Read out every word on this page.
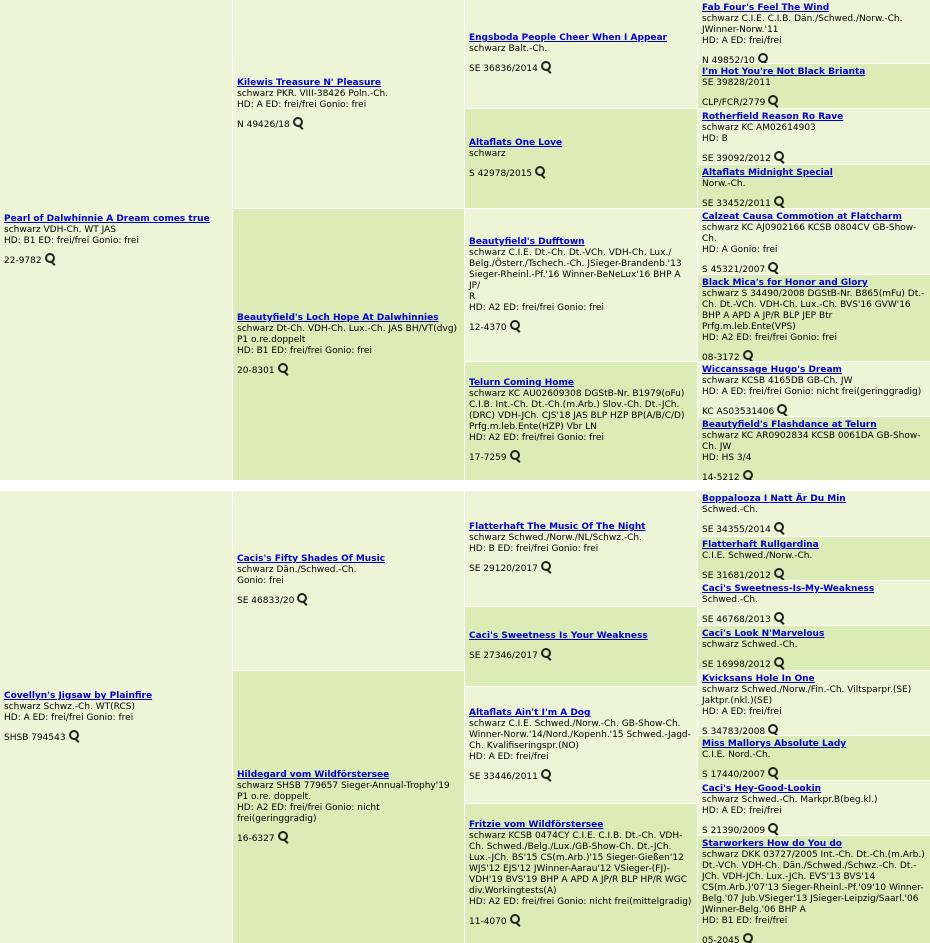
Pearl of Dalwhinnie A Dream comes true
schwarz VDH-Ch. WT JAS
HD: B1 ED: frei/frei Gonio: frei
22-9782
Kilewis Treasure N' Pleasure
schwarz PKR. VIII-38426 Poln.-Ch.
HD: A ED: frei/frei Gonio: frei
N 49426/18
Beautyfield's Loch Hope At Dalwhinnies
schwarz Dt-Ch. VDH-Ch. Lux.-Ch. JAS BH/VT(dvg)
P1 o.re.doppelt
HD: B1 ED: frei/frei Gonio: frei
20-8301
Engsboda People Cheer When I Appear
schwarz Balt.-Ch.
SE 36836/2014
Altaflats One Love
schwarz
S 42978/2015
Beautyfield's Dufftown
schwarz C.I.E. Dt.-Ch. Dt.-VCh. VDH-Ch. Lux./
Belg./Österr./Tschech.-Ch. JSieger-Brandenb.'13
Sieger-Rheinl.-Pf.'16 Winner-BeNeLux'16 BHP A JP/
R
HD: A2 ED: frei/frei Gonio: frei
12-4370
Telurn Coming Home
schwarz KC AU02609308 DGStB-Nr. B1979(oFu)
C.I.B. Int.-Ch. Dt.-Ch.(m.Arb.) Slov.-Ch. Dt.-JCh.
(DRC) VDH-JCh. CJS'18 JAS BLP HZP BP(A/B/C/D)
Prfg.m.leb.Ente(HZP) Vbr LN
HD: A2 ED: frei/frei Gonio: frei
17-7259
Fab Four's Feel The Wind
schwarz C.I.E. C.I.B. Dän./Schwed./Norw.-Ch.
JWinner-Norw.'11
HD: A ED: frei/frei
N 49852/10
I'm Hot You're Not Black Brianta
SE 39828/2011
CLP/FCR/2779
Rotherfield Reason Ro Rave
schwarz KC AM02614903
HD: B
SE 39092/2012
Altaflats Midnight Special
Norw.-Ch.
SE 33452/2011
Calzeat Causa Commotion at Flatcharm
schwarz KC AJ0902166 KCSB 0804CV GB-Show-
Ch.
HD: A Gonio: frei
S 45321/2007
Black Mica's for Honor and Glory
schwarz S 34490/2008 DGStB-Nr. B865(mFu) Dt.-
Ch. Dt.-VCh. VDH-Ch. Lux.-Ch. BVS'16 GVW'16
BHP A APD A JP/R BLP JEP Btr
Prfg.m.leb.Ente(VPS)
HD: A2 ED: frei/frei Gonio: frei
08-3172
Wiccanssage Hugo's Dream
schwarz KCSB 4165DB GB-Ch. JW
HD: A ED: frei/frei Gonio: nicht frei(geringgradig)
KC AS03531406
Beautyfield's Flashdance at Telurn
schwarz KC AR0902834 KCSB 0061DA GB-Show-
Ch. JW
HD: HS 3/4
14-5212
Covellyn's Jigsaw by Plainfire
schwarz Schwz.-Ch. WT(RCS)
HD: A ED: frei/frei Gonio: frei
SHSB 794543
Cacis's Fifty Shades Of Music
schwarz Dän./Schwed.-Ch.
Gonio: frei
SE 46833/20
Hildegard vom Wildförstersee
schwarz SHSB 779657 Sieger-Annual-Trophy'19
P1 o.re. doppelt.
HD: A2 ED: frei/frei Gonio: nicht frei(geringgradig)
16-6327
Flatterhaft The Music Of The Night
schwarz Schwed./Norw./NL/Schwz.-Ch.
HD: B ED: frei/frei Gonio: frei
SE 29120/2017
Caci's Sweetness Is Your Weakness
SE 27346/2017
Altaflats Ain't I'm A Dog
schwarz C.I.E. Schwed./Norw.-Ch. GB-Show-Ch.
Winner-Norw.'14/Nord./Kopenh.'15 Schwed.-Jagd-
Ch. Kvalifiseringspr.(NO)
HD: A ED: frei/frei
SE 33446/2011
Fritzie vom Wildförstersee
schwarz KCSB 0474CY C.I.E. C.I.B. Dt.-Ch. VDH-
Ch. Schwed./Belg./Lux./GB-Show-Ch. Dt.-JCh.
Lux.-JCh. BS'15 CS(m.Arb.)'15 Sieger-Gießen'12
WJS'12 EJS'12 JWinner-Aarau'12 VSieger-(FJ)-
VDH'19 BVS'19 BHP A APD A JP/R BLP HP/R WGC
div.Workingtests(A)
HD: A2 ED: frei/frei Gonio: nicht frei(mittelgradig)
11-4070
Boppalooza I Natt Är Du Min
Schwed.-Ch.
SE 34355/2014
Flatterhaft Rullgardina
C.I.E. Schwed./Norw.-Ch.
SE 31681/2012
Caci's Sweetness-Is-My-Weakness
Schwed.-Ch.
SE 46768/2013
Caci's Look N'Marvelous
schwarz Schwed.-Ch.
SE 16998/2012
Kvicksans Hole In One
schwarz Schwed./Norw./Fin.-Ch. Viltsparpr.(SE)
Jaktpr.(nkl.)(SE)
HD: A ED: frei/frei
S 34783/2008
Miss Mallorys Absolute Lady
C.I.E. Nord.-Ch.
S 17440/2007
Caci's Hey-Good-Lookin
schwarz Schwed.-Ch. Markpr.B(beg.kl.)
HD: A ED: frei/frei
S 21390/2009
Starworkers How do You do
schwarz DKK 03727/2005 Int.-Ch. Dt.-Ch.(m.Arb.)
Dt.-VCh. VDH-Ch. Dän./Schwed./Schwz.-Ch. Dt.-
JCh. VDH-JCh. Lux.-JCh. EVS'13 BVS'14
CS(m.Arb.)'07'13 Sieger-Rheinl.-Pf.'09'10 Winner-
Belg.'07 Jub.VSieger'13 JSieger-Leipzig/Saarl.'06
JWinner-Belg.'06 BHP A
HD: B1 ED: frei/frei
05-2045
